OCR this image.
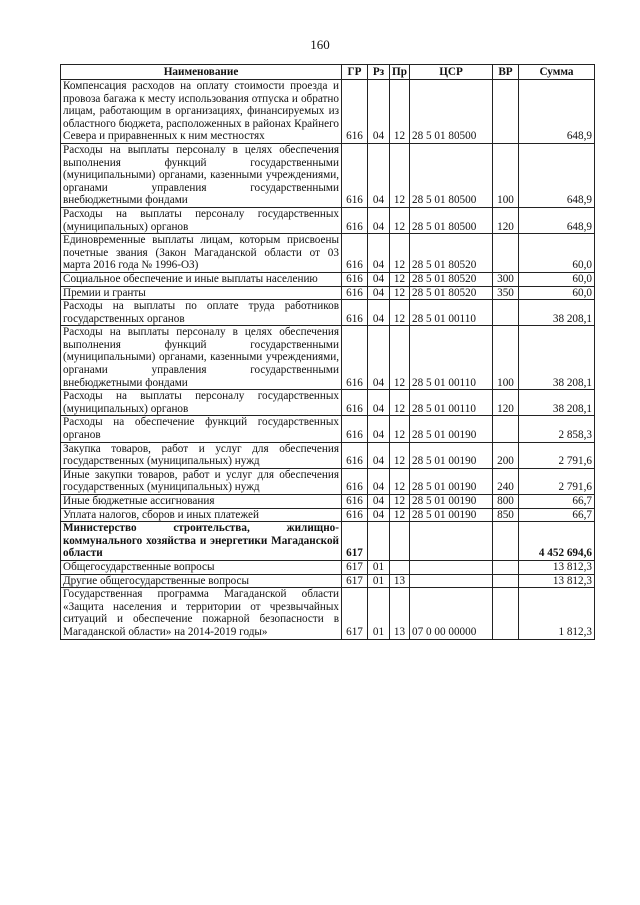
160
Наименование	ГР	Рз	Пр	ЦСР	ВР	Сумма
Компенсация расходов на оплату стоимости проезда и провоза багажа к месту использования отпуска и обратно лицам, работающим в организациях, финансируемых из областного бюджета, расположенных в районах Крайнего Севера и приравненных к ним местностях	616	04	12	28 5 01 80500		648,9
Расходы на выплаты персоналу в целях обеспечения выполнения функций государственными (муниципальными) органами, казенными учреждениями, органами управления государственными внебюджетными фондами	616	04	12	28 5 01 80500	100	648,9
Расходы на выплаты персоналу государственных (муниципальных) органов	616	04	12	28 5 01 80500	120	648,9
Единовременные выплаты лицам, которым присвоены почетные звания (Закон Магаданской области от 03 марта 2016 года № 1996-ОЗ)	616	04	12	28 5 01 80520		60,0
Социальное обеспечение и иные выплаты населению	616	04	12	28 5 01 80520	300	60,0
Премии и гранты	616	04	12	28 5 01 80520	350	60,0
Расходы на выплаты по оплате труда работников государственных органов	616	04	12	28 5 01 00110		38 208,1
Расходы на выплаты персоналу в целях обеспечения выполнения функций государственными (муниципальными) органами, казенными учреждениями, органами управления государственными внебюджетными фондами	616	04	12	28 5 01 00110	100	38 208,1
Расходы на выплаты персоналу государственных (муниципальных) органов	616	04	12	28 5 01 00110	120	38 208,1
Расходы на обеспечение функций государственных органов	616	04	12	28 5 01 00190		2 858,3
Закупка товаров, работ и услуг для обеспечения государственных (муниципальных) нужд	616	04	12	28 5 01 00190	200	2 791,6
Иные закупки товаров, работ и услуг для обеспечения государственных (муниципальных) нужд	616	04	12	28 5 01 00190	240	2 791,6
Иные бюджетные ассигнования	616	04	12	28 5 01 00190	800	66,7
Уплата налогов, сборов и иных платежей	616	04	12	28 5 01 00190	850	66,7
Министерство строительства, жилищно-коммунального хозяйства и энергетики Магаданской области	617					4 452 694,6
Общегосударственные вопросы	617	01				13 812,3
Другие общегосударственные вопросы	617	01	13			13 812,3
Государственная программа Магаданской области «Защита населения и территории от чрезвычайных ситуаций и обеспечение пожарной безопасности в Магаданской области» на 2014-2019 годы»	617	01	13	07 0 00 00000		1 812,3
